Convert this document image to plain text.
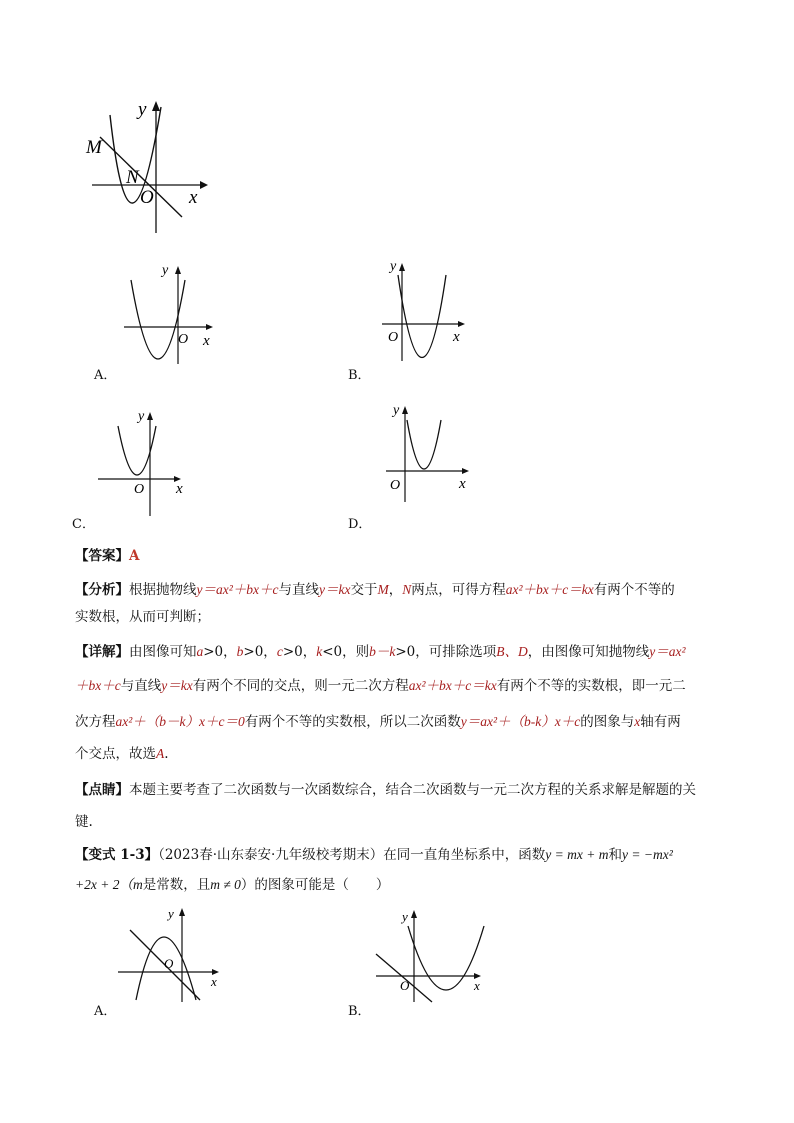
y
x
M
N
O
y
x
O
A．
y
x
O
B．
y
x
O
C．
y
x
O
D．
【答案】A
【分析】根据抛物线y＝ax²＋bx＋c与直线y＝kx交于M，N两点，可得方程ax²＋bx＋c＝kx有两个不等的
实数根，从而可判断；
【详解】由图像可知a>0，b>0，c>0，k<0，则b－k>0，可排除选项B、D，由图像可知抛物线y＝ax²
＋bx＋c与直线y＝kx有两个不同的交点，则一元二次方程ax²＋bx＋c＝kx有两个不等的实数根，即一元二
次方程ax²＋（b－k）x＋c＝0有两个不等的实数根，所以二次函数y＝ax²＋（b-k）x＋c的图象与x轴有两
个交点，故选A.
【点睛】本题主要考查了二次函数与一次函数综合，结合二次函数与一元二次方程的关系求解是解题的关
键.
【变式 1-3】（2023春·山东泰安·九年级校考期末）在同一直角坐标系中，函数y = mx + m和y = −mx²
+2x + 2（m是常数，且m ≠ 0）的图象可能是（　　）
y
x
O
A．
y
x
O
B．
